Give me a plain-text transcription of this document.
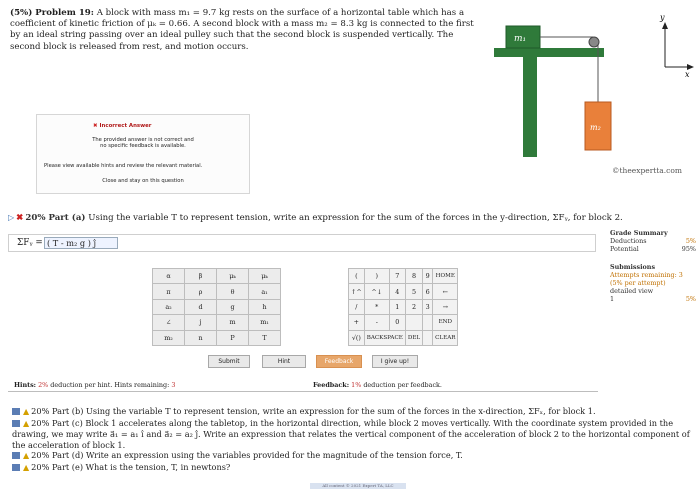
(5%) Problem 19: A block with mass m₁ = 9.7 kg rests on the surface of a horizontal table which has a coefficient of kinetic friction of μₖ = 0.66. A second block with a mass m₂ = 8.3 kg is connected to the first by an ideal string passing over an ideal pulley such that the second block is suspended vertically. The second block is released from rest, and motion occurs.
y
x
m₁
m₂
©theexpertta.com
✖ Incorrect Answer
The provided answer is not correct and
no specific feedback is available.
Please view available hints and review the relevant material.
Close and stay on this question
▷ ✖ 20% Part (a) Using the variable T to represent tension, write an expression for the sum of the forces in the y-direction, ΣFᵧ, for block 2.
ΣFᵧ = ( T - m₂ g ) ĵ
Grade Summary
Deductions	5%
Potential	95%
Submissions
Attempts remaining: 3
(5% per attempt)
detailed view
1	5%
α	β	μₖ	μₖ
π	ρ	θ	a₁
a₂	d	g	h
∠	j	m	m₁
m₂	n	P	T
(	)	7	8	9	HOME
↑^	^↓	4	5	6	←
/	*	1	2	3	→
+	-	0			END
√()	BACKSPACE		DEL		CLEAR
Submit	Hint	Feedback	I give up!
Hints: 2% deduction per hint. Hints remaining: 3	Feedback: 1% deduction per feedback.
▲ 20% Part (b) Using the variable T to represent tension, write an expression for the sum of the forces in the x-direction, ΣFₓ, for block 1.
▲ 20% Part (c) Block 1 accelerates along the tabletop, in the horizontal direction, while block 2 moves vertically. With the coordinate system provided in the drawing, we may write a⃗₁ = a₁ î and a⃗₂ = a₂ ĵ. Write an expression that relates the vertical component of the acceleration of block 2 to the horizontal component of the acceleration of block 1.
▲ 20% Part (d) Write an expression using the variables provided for the magnitude of the tension force, T.
▲ 20% Part (e) What is the tension, T, in newtons?
All content © 2021 Expert TA, LLC
